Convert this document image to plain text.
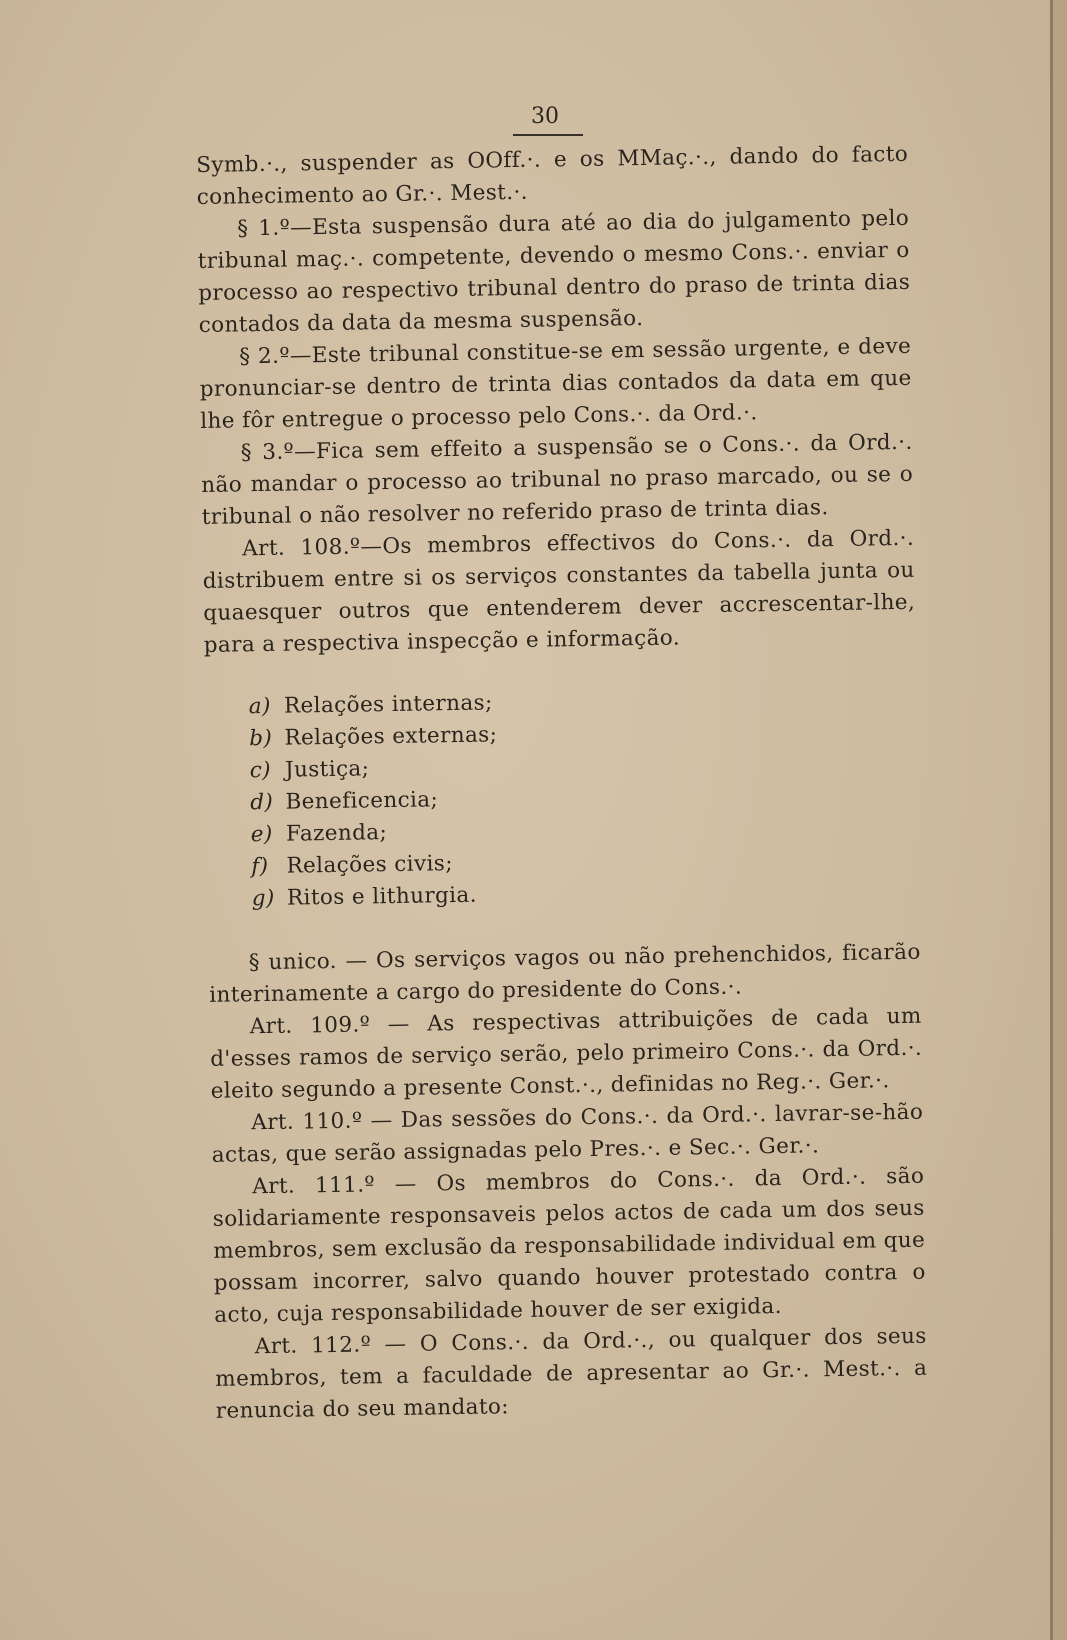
30

Symb.·., suspender as OOff.·. e os MMaç.·., dando do facto conhecimento ao Gr.·. Mest.·.

§ 1.º—Esta suspensão dura até ao dia do julgamento pelo tribunal maç.·. competente, devendo o mesmo Cons.·. enviar o processo ao respectivo tribunal dentro do praso de trinta dias contados da data da mesma suspensão.

§ 2.º—Este tribunal constitue-se em sessão urgente, e deve pronunciar-se dentro de trinta dias contados da data em que lhe fôr entregue o processo pelo Cons.·. da Ord.·.

§ 3.º—Fica sem effeito a suspensão se o Cons.·. da Ord.·. não mandar o processo ao tribunal no praso marcado, ou se o tribunal o não resolver no referido praso de trinta dias.

Art. 108.º—Os membros effectivos do Cons.·. da Ord.·. distribuem entre si os serviços constantes da tabella junta ou quaesquer outros que entenderem dever accrescentar-lhe, para a respectiva inspecção e informação.

a) Relações internas;
b) Relações externas;
c) Justiça;
d) Beneficencia;
e) Fazenda;
f) Relações civis;
g) Ritos e lithurgia.

§ unico. — Os serviços vagos ou não prehenchidos, ficarão interinamente a cargo do presidente do Cons.·.

Art. 109.º — As respectivas attribuições de cada um d'esses ramos de serviço serão, pelo primeiro Cons.·. da Ord.·. eleito segundo a presente Const.·., definidas no Reg.·. Ger.·.

Art. 110.º — Das sessões do Cons.·. da Ord.·. lavrar-se-hão actas, que serão assignadas pelo Pres.·. e Sec.·. Ger.·.

Art. 111.º — Os membros do Cons.·. da Ord.·. são solidariamente responsaveis pelos actos de cada um dos seus membros, sem exclusão da responsabilidade individual em que possam incorrer, salvo quando houver protestado contra o acto, cuja responsabilidade houver de ser exigida.

Art. 112.º — O Cons.·. da Ord.·., ou qualquer dos seus membros, tem a faculdade de apresentar ao Gr.·. Mest.·. a renuncia do seu mandato:
